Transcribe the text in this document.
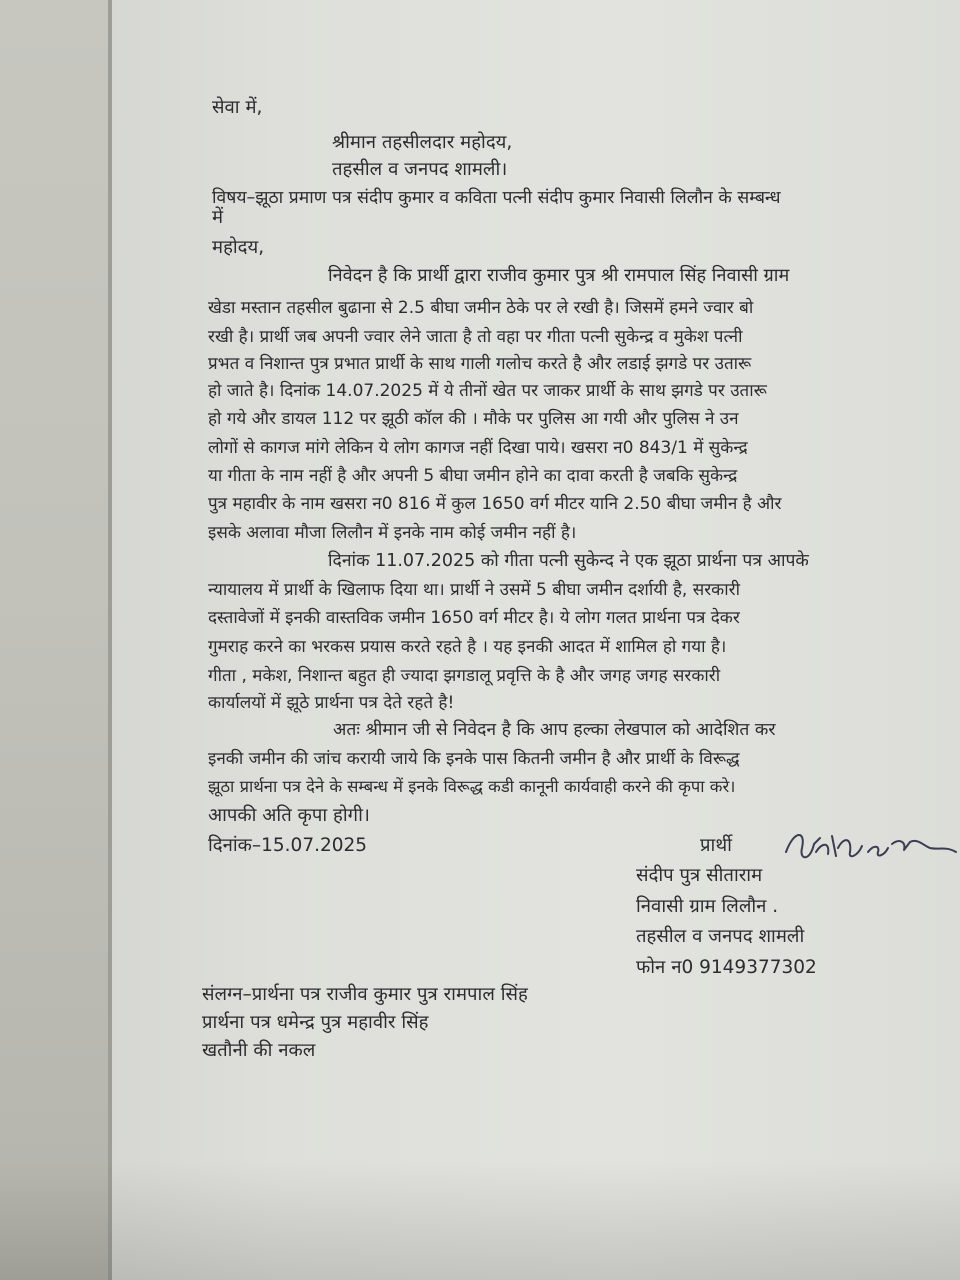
सेवा में,

श्रीमान तहसीलदार महोदय,

तहसील व जनपद शामली।

विषय–झूठा प्रमाण पत्र संदीप कुमार व कविता पत्नी संदीप कुमार निवासी लिलौन के सम्बन्ध

में

महोदय,

निवेदन है कि प्रार्थी द्वारा राजीव कुमार पुत्र श्री रामपाल सिंह निवासी ग्राम

खेडा मस्तान तहसील बुढाना से 2.5 बीघा जमीन ठेके पर ले रखी है। जिसमें हमने ज्वार बो

रखी है। प्रार्थी जब अपनी ज्वार लेने जाता है तो वहा पर गीता पत्नी सुकेन्द्र व मुकेश पत्नी

प्रभत व निशान्त पुत्र प्रभात प्रार्थी के साथ गाली गलोच करते है और लडाई झगडे पर उतारू

हो जाते है। दिनांक 14.07.2025 में ये तीनों खेत पर जाकर प्रार्थी के साथ झगडे पर उतारू

हो गये और डायल 112 पर झूठी कॉल की । मौके पर पुलिस आ गयी और पुलिस ने उन

लोगों से कागज मांगे लेकिन ये लोग कागज नहीं दिखा पाये। खसरा न0 843/1 में सुकेन्द्र

या गीता के नाम नहीं है और अपनी 5 बीघा जमीन होने का दावा करती है जबकि सुकेन्द्र

पुत्र महावीर के नाम खसरा न0 816 में कुल 1650 वर्ग मीटर यानि 2.50 बीघा जमीन है और

इसके अलावा मौजा लिलौन में इनके नाम कोई जमीन नहीं है।

दिनांक 11.07.2025 को गीता पत्नी सुकेन्द ने एक झूठा प्रार्थना पत्र आपके

न्यायालय में प्रार्थी के खिलाफ दिया था। प्रार्थी ने उसमें 5 बीघा जमीन दर्शायी है, सरकारी

दस्तावेजों में इनकी वास्तविक जमीन 1650 वर्ग मीटर है। ये लोग गलत प्रार्थना पत्र देकर

गुमराह करने का भरकस प्रयास करते रहते है । यह इनकी आदत में शामिल हो गया है।

गीता , मकेश, निशान्त बहुत ही ज्यादा झगडालू प्रवृत्ति के है और जगह जगह सरकारी

कार्यालयों में झूठे प्रार्थना पत्र देते रहते है!

अतः श्रीमान जी से निवेदन है कि आप हल्का लेखपाल को आदेशित कर

इनकी जमीन की जांच करायी जाये कि इनके पास कितनी जमीन है और प्रार्थी के विरूद्ध

झूठा प्रार्थना पत्र देने के सम्बन्ध में इनके विरूद्ध कडी कानूनी कार्यवाही करने की कृपा करे।

आपकी अति कृपा होगी।

दिनांक–15.07.2025	प्रार्थी

संदीप पुत्र सीताराम

निवासी ग्राम लिलौन .

तहसील व जनपद शामली

फोन न0 9149377302

संलग्न–प्रार्थना पत्र राजीव कुमार पुत्र रामपाल सिंह

प्रार्थना पत्र धमेन्द्र पुत्र महावीर सिंह

खतौनी की नकल
